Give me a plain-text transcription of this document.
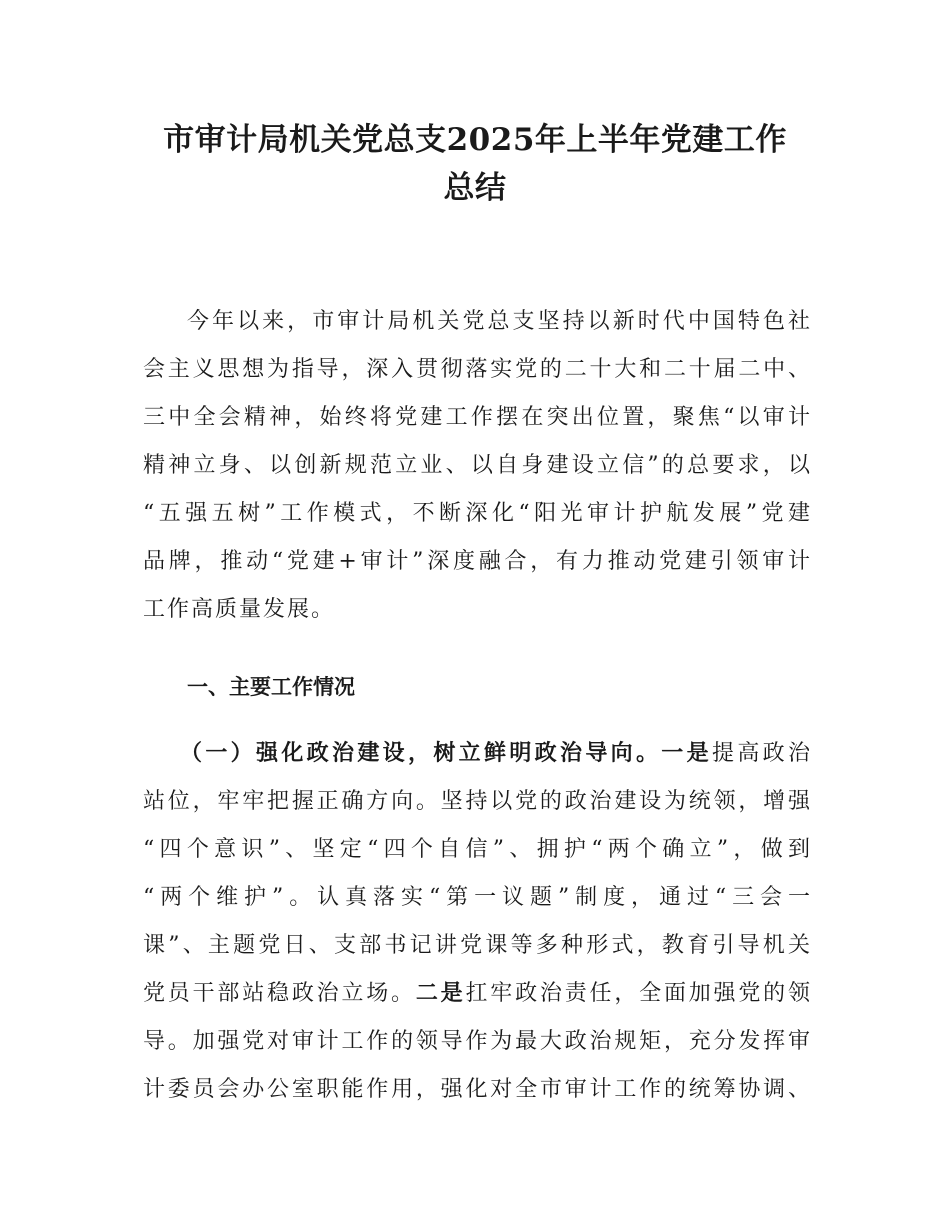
市审计局机关党总支2025年上半年党建工作
总结
今年以来，市审计局机关党总支坚持以新时代中国特色社
会主义思想为指导，深入贯彻落实党的二十大和二十届二中、
三中全会精神，始终将党建工作摆在突出位置，聚焦“以审计
精神立身、以创新规范立业、以自身建设立信”的总要求，以
“五强五树”工作模式，不断深化“阳光审计护航发展”党建
品牌，推动“党建+审计”深度融合，有力推动党建引领审计
工作高质量发展。
一、主要工作情况
（一）强化政治建设，树立鲜明政治导向。一是提高政治
站位，牢牢把握正确方向。坚持以党的政治建设为统领，增强
“四个意识”、坚定“四个自信”、拥护“两个确立”，做到
“两个维护”。认真落实“第一议题”制度，通过“三会一
课”、主题党日、支部书记讲党课等多种形式，教育引导机关
党员干部站稳政治立场。二是扛牢政治责任，全面加强党的领
导。加强党对审计工作的领导作为最大政治规矩，充分发挥审
计委员会办公室职能作用，强化对全市审计工作的统筹协调、
